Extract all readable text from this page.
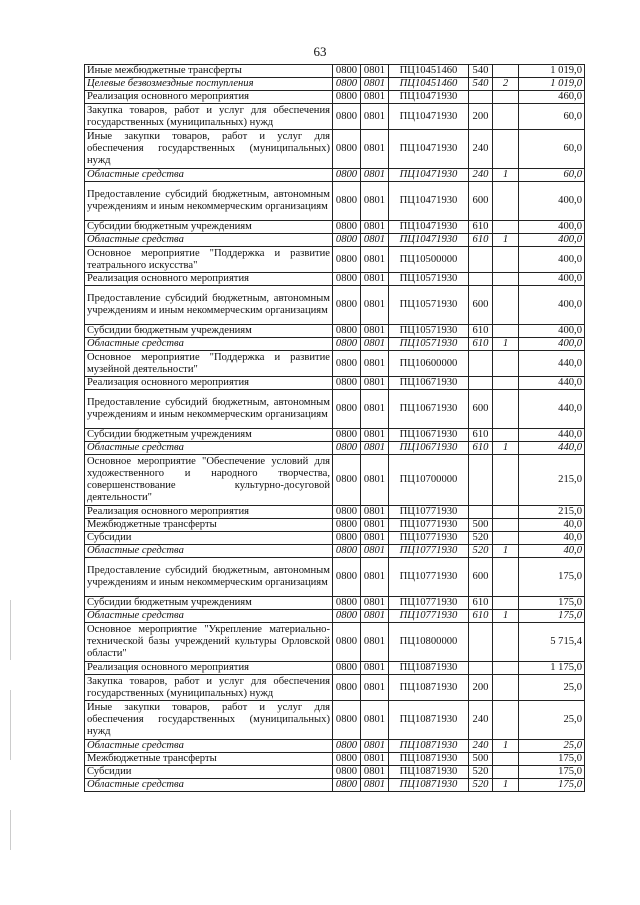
63
Иные межбюджетные трансферты	0800	0801	ПЦ10451460	540		1 019,0
Целевые безвозмездные поступления	0800	0801	ПЦ10451460	540	2	1 019,0
Реализация основного мероприятия	0800	0801	ПЦ10471930			460,0
Закупка товаров, работ и услуг для обеспечения государственных (муниципальных) нужд	0800	0801	ПЦ10471930	200		60,0
Иные закупки товаров, работ и услуг для обеспечения государственных (муниципальных) нужд	0800	0801	ПЦ10471930	240		60,0
Областные средства	0800	0801	ПЦ10471930	240	1	60,0
Предоставление субсидий бюджетным, автономным учреждениям и иным некоммерческим организациям	0800	0801	ПЦ10471930	600		400,0
Субсидии бюджетным учреждениям	0800	0801	ПЦ10471930	610		400,0
Областные средства	0800	0801	ПЦ10471930	610	1	400,0
Основное мероприятие "Поддержка и развитие театрального искусства"	0800	0801	ПЦ10500000			400,0
Реализация основного мероприятия	0800	0801	ПЦ10571930			400,0
Предоставление субсидий бюджетным, автономным учреждениям и иным некоммерческим организациям	0800	0801	ПЦ10571930	600		400,0
Субсидии бюджетным учреждениям	0800	0801	ПЦ10571930	610		400,0
Областные средства	0800	0801	ПЦ10571930	610	1	400,0
Основное мероприятие "Поддержка и развитие музейной деятельности"	0800	0801	ПЦ10600000			440,0
Реализация основного мероприятия	0800	0801	ПЦ10671930			440,0
Предоставление субсидий бюджетным, автономным учреждениям и иным некоммерческим организациям	0800	0801	ПЦ10671930	600		440,0
Субсидии бюджетным учреждениям	0800	0801	ПЦ10671930	610		440,0
Областные средства	0800	0801	ПЦ10671930	610	1	440,0
Основное мероприятие "Обеспечение условий для художественного и народного творчества, совершенствование культурно-досуговой деятельности"	0800	0801	ПЦ10700000			215,0
Реализация основного мероприятия	0800	0801	ПЦ10771930			215,0
Межбюджетные трансферты	0800	0801	ПЦ10771930	500		40,0
Субсидии	0800	0801	ПЦ10771930	520		40,0
Областные средства	0800	0801	ПЦ10771930	520	1	40,0
Предоставление субсидий бюджетным, автономным учреждениям и иным некоммерческим организациям	0800	0801	ПЦ10771930	600		175,0
Субсидии бюджетным учреждениям	0800	0801	ПЦ10771930	610		175,0
Областные средства	0800	0801	ПЦ10771930	610	1	175,0
Основное мероприятие "Укрепление материально-технической базы учреждений культуры Орловской области"	0800	0801	ПЦ10800000			5 715,4
Реализация основного мероприятия	0800	0801	ПЦ10871930			1 175,0
Закупка товаров, работ и услуг для обеспечения государственных (муниципальных) нужд	0800	0801	ПЦ10871930	200		25,0
Иные закупки товаров, работ и услуг для обеспечения государственных (муниципальных) нужд	0800	0801	ПЦ10871930	240		25,0
Областные средства	0800	0801	ПЦ10871930	240	1	25,0
Межбюджетные трансферты	0800	0801	ПЦ10871930	500		175,0
Субсидии	0800	0801	ПЦ10871930	520		175,0
Областные средства	0800	0801	ПЦ10871930	520	1	175,0
